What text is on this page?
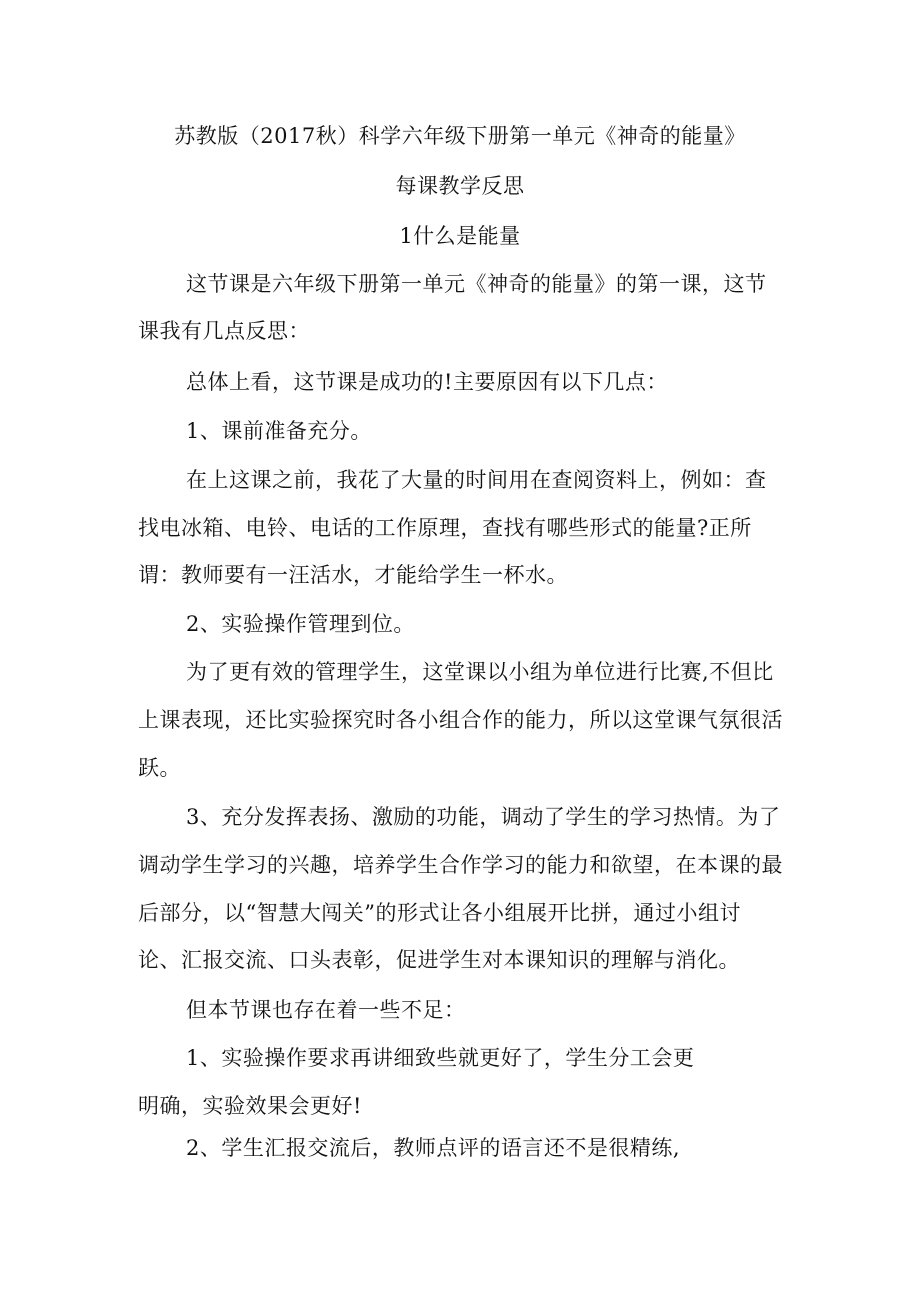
苏教版（2017秋）科学六年级下册第一单元《神奇的能量》
每课教学反思
1什么是能量
这节课是六年级下册第一单元《神奇的能量》的第一课，这节
课我有几点反思：
总体上看，这节课是成功的!主要原因有以下几点：
1、课前准备充分。
在上这课之前，我花了大量的时间用在查阅资料上，例如：查
找电冰箱、电铃、电话的工作原理，查找有哪些形式的能量?正所
谓：教师要有一汪活水，才能给学生一杯水。
2、实验操作管理到位。
为了更有效的管理学生，这堂课以小组为单位进行比赛,不但比
上课表现，还比实验探究时各小组合作的能力，所以这堂课气氛很活
跃。
3、充分发挥表扬、激励的功能，调动了学生的学习热情。为了
调动学生学习的兴趣，培养学生合作学习的能力和欲望，在本课的最
后部分，以“智慧大闯关”的形式让各小组展开比拼，通过小组讨
论、汇报交流、口头表彰，促进学生对本课知识的理解与消化。
但本节课也存在着一些不足：
1、实验操作要求再讲细致些就更好了，学生分工会更
明确，实验效果会更好!
2、学生汇报交流后，教师点评的语言还不是很精练,
